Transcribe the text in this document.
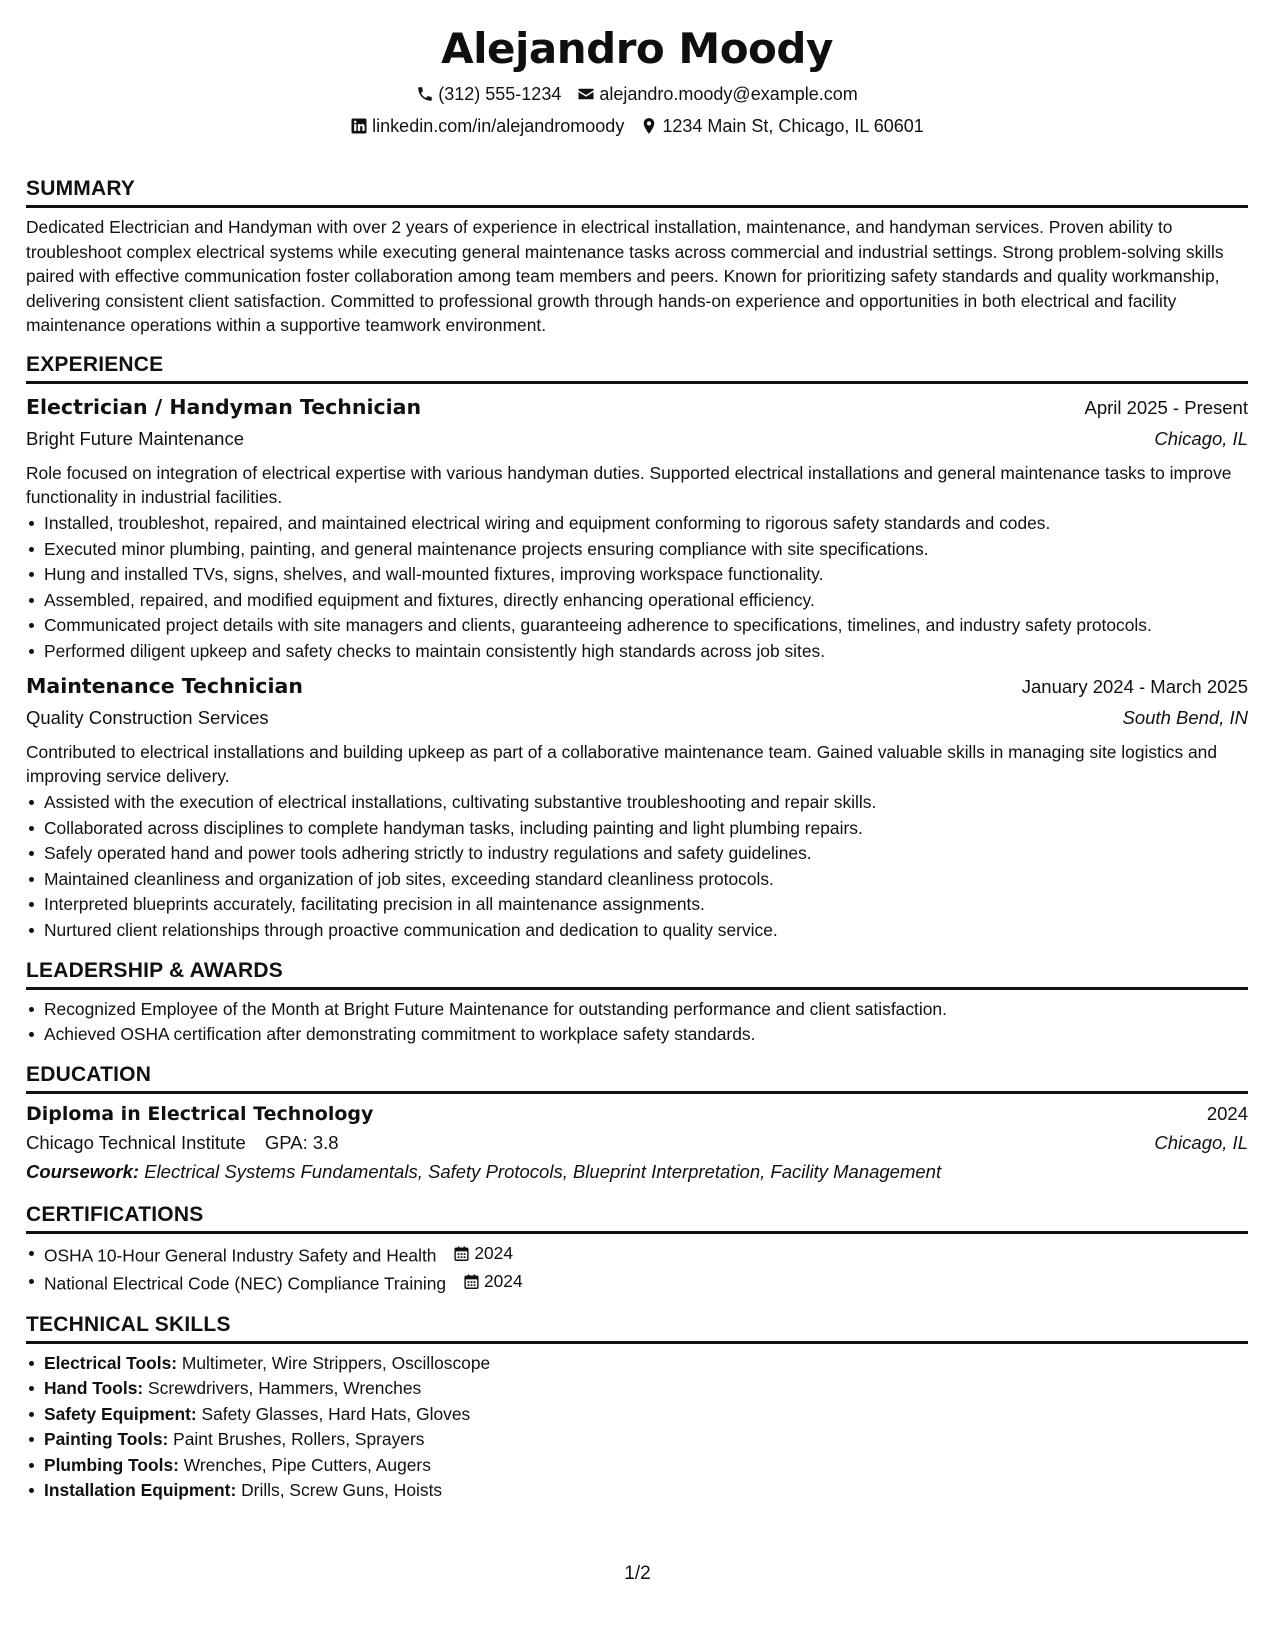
Alejandro Moody
(312) 555-1234 alejandro.moody@example.com
linkedin.com/in/alejandromoody 1234 Main St, Chicago, IL 60601
SUMMARY
Dedicated Electrician and Handyman with over 2 years of experience in electrical installation, maintenance, and handyman services. Proven ability to troubleshoot complex electrical systems while executing general maintenance tasks across commercial and industrial settings. Strong problem-solving skills paired with effective communication foster collaboration among team members and peers. Known for prioritizing safety standards and quality workmanship, delivering consistent client satisfaction. Committed to professional growth through hands-on experience and opportunities in both electrical and facility maintenance operations within a supportive teamwork environment.
EXPERIENCE
Electrician / Handyman Technician	April 2025 - Present
Bright Future Maintenance	Chicago, IL
Role focused on integration of electrical expertise with various handyman duties. Supported electrical installations and general maintenance tasks to improve functionality in industrial facilities.
Installed, troubleshot, repaired, and maintained electrical wiring and equipment conforming to rigorous safety standards and codes.
Executed minor plumbing, painting, and general maintenance projects ensuring compliance with site specifications.
Hung and installed TVs, signs, shelves, and wall-mounted fixtures, improving workspace functionality.
Assembled, repaired, and modified equipment and fixtures, directly enhancing operational efficiency.
Communicated project details with site managers and clients, guaranteeing adherence to specifications, timelines, and industry safety protocols.
Performed diligent upkeep and safety checks to maintain consistently high standards across job sites.
Maintenance Technician	January 2024 - March 2025
Quality Construction Services	South Bend, IN
Contributed to electrical installations and building upkeep as part of a collaborative maintenance team. Gained valuable skills in managing site logistics and improving service delivery.
Assisted with the execution of electrical installations, cultivating substantive troubleshooting and repair skills.
Collaborated across disciplines to complete handyman tasks, including painting and light plumbing repairs.
Safely operated hand and power tools adhering strictly to industry regulations and safety guidelines.
Maintained cleanliness and organization of job sites, exceeding standard cleanliness protocols.
Interpreted blueprints accurately, facilitating precision in all maintenance assignments.
Nurtured client relationships through proactive communication and dedication to quality service.
LEADERSHIP & AWARDS
Recognized Employee of the Month at Bright Future Maintenance for outstanding performance and client satisfaction.
Achieved OSHA certification after demonstrating commitment to workplace safety standards.
EDUCATION
Diploma in Electrical Technology	2024
Chicago Technical Institute GPA: 3.8	Chicago, IL
Coursework: Electrical Systems Fundamentals, Safety Protocols, Blueprint Interpretation, Facility Management
CERTIFICATIONS
OSHA 10-Hour General Industry Safety and Health 2024
National Electrical Code (NEC) Compliance Training 2024
TECHNICAL SKILLS
Electrical Tools: Multimeter, Wire Strippers, Oscilloscope
Hand Tools: Screwdrivers, Hammers, Wrenches
Safety Equipment: Safety Glasses, Hard Hats, Gloves
Painting Tools: Paint Brushes, Rollers, Sprayers
Plumbing Tools: Wrenches, Pipe Cutters, Augers
Installation Equipment: Drills, Screw Guns, Hoists
1/2
